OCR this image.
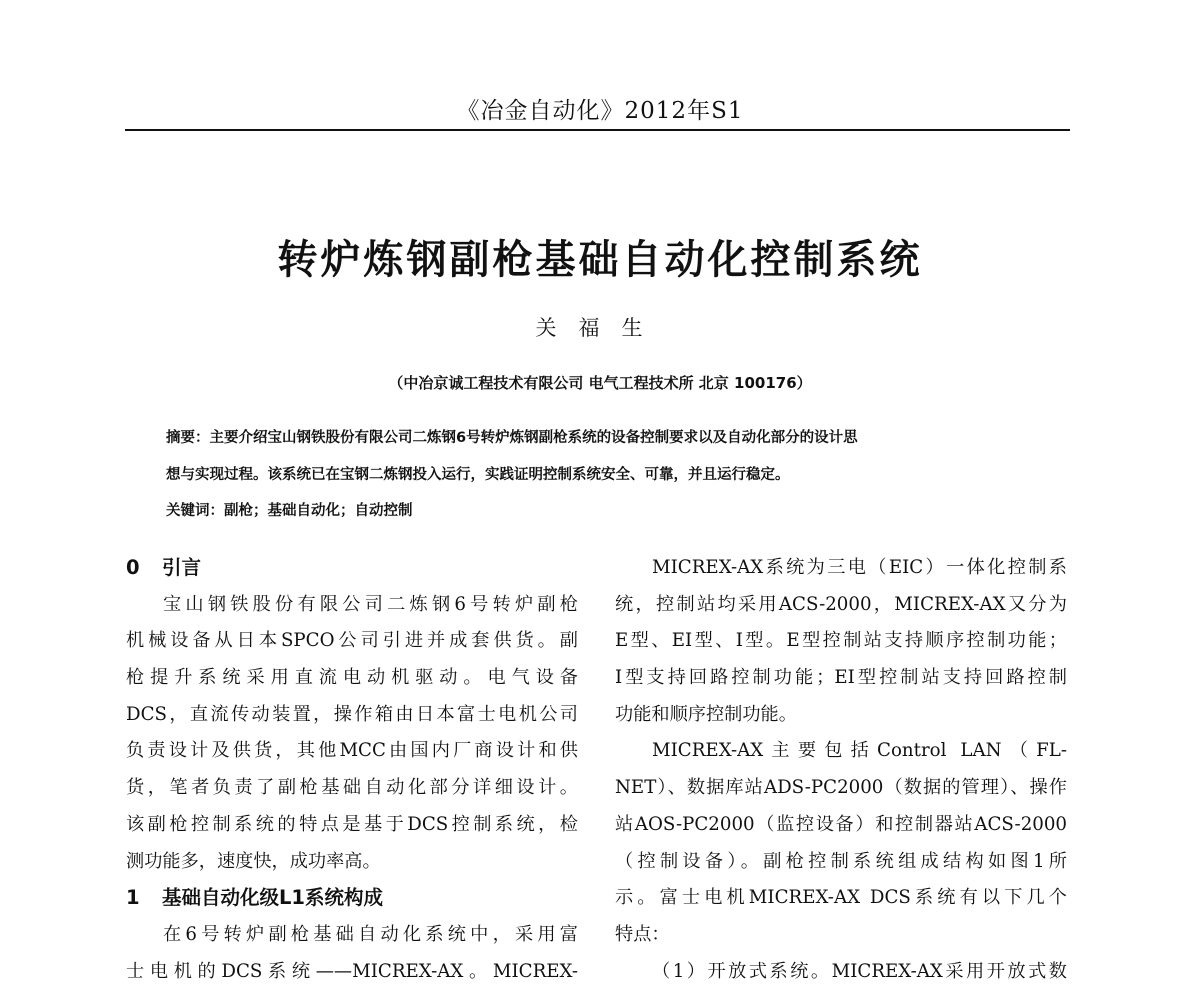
《冶金自动化》2012年S1
转炉炼钢副枪基础自动化控制系统
关福生
（中冶京诚工程技术有限公司 电气工程技术所 北京 100176）
摘要：主要介绍宝山钢铁股份有限公司二炼钢6号转炉炼钢副枪系统的设备控制要求以及自动化部分的设计思
想与实现过程。该系统已在宝钢二炼钢投入运行，实践证明控制系统安全、可靠，并且运行稳定。
关键词：副枪；基础自动化；自动控制
0 引言
宝山钢铁股份有限公司二炼钢6号转炉副枪
机械设备从日本SPCO公司引进并成套供货。副
枪提升系统采用直流电动机驱动。电气设备
DCS，直流传动装置，操作箱由日本富士电机公司
负责设计及供货，其他MCC由国内厂商设计和供
货，笔者负责了副枪基础自动化部分详细设计。
该副枪控制系统的特点是基于DCS控制系统，检
测功能多，速度快，成功率高。
1 基础自动化级L1系统构成
在6号转炉副枪基础自动化系统中，采用富
士电机的DCS系统——MICREX-AX。MICREX-
MICREX-AX系统为三电（EIC）一体化控制系
统，控制站均采用ACS-2000，MICREX-AX又分为
E型、EI型、I型。E型控制站支持顺序控制功能；
I型支持回路控制功能；EI型控制站支持回路控制
功能和顺序控制功能。
MICREX-AX主要包括Control LAN（FL-
NET）、数据库站ADS-PC2000（数据的管理）、操作
站AOS-PC2000（监控设备）和控制器站ACS-2000
（控制设备）。副枪控制系统组成结构如图1所
示。富士电机MICREX-AX DCS系统有以下几个
特点：
（1）开放式系统。MICREX-AX采用开放式数
